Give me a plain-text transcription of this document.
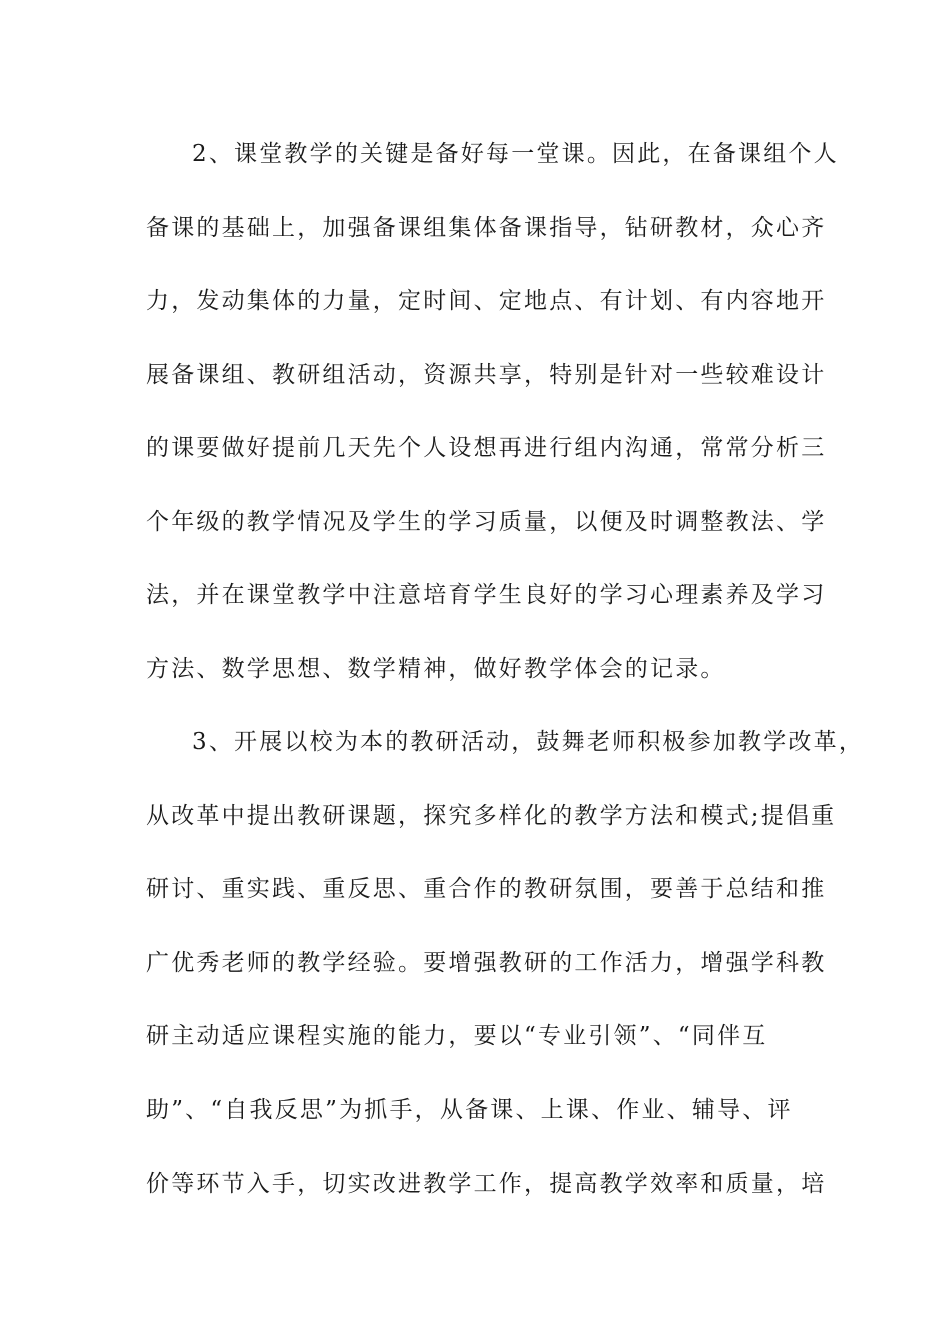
2、课堂教学的关键是备好每一堂课。因此，在备课组个人
备课的基础上，加强备课组集体备课指导，钻研教材，众心齐
力，发动集体的力量，定时间、定地点、有计划、有内容地开
展备课组、教研组活动，资源共享，特别是针对一些较难设计
的课要做好提前几天先个人设想再进行组内沟通，常常分析三
个年级的教学情况及学生的学习质量，以便及时调整教法、学
法，并在课堂教学中注意培育学生良好的学习心理素养及学习
方法、数学思想、数学精神，做好教学体会的记录。
3、开展以校为本的教研活动，鼓舞老师积极参加教学改革，
从改革中提出教研课题，探究多样化的教学方法和模式;提倡重
研讨、重实践、重反思、重合作的教研氛围，要善于总结和推
广优秀老师的教学经验。要增强教研的工作活力，增强学科教
研主动适应课程实施的能力，要以“专业引领”、“同伴互
助”、“自我反思”为抓手，从备课、上课、作业、辅导、评
价等环节入手，切实改进教学工作，提高教学效率和质量，培
